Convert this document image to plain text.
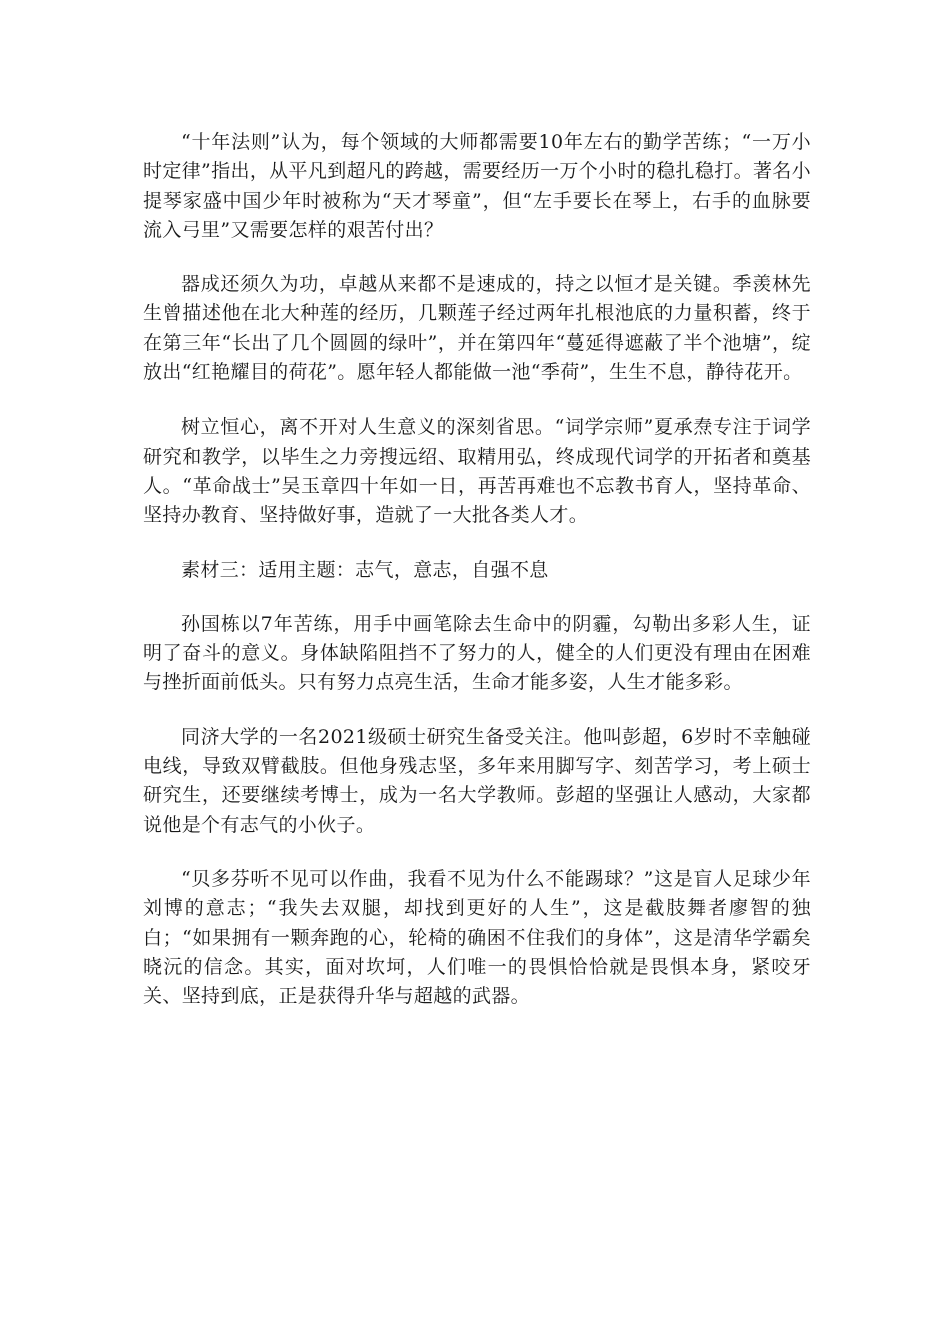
“十年法则”认为，每个领域的大师都需要10年左右的勤学苦练；“一万小时定律”指出，从平凡到超凡的跨越，需要经历一万个小时的稳扎稳打。著名小提琴家盛中国少年时被称为“天才琴童”，但“左手要长在琴上，右手的血脉要流入弓里”又需要怎样的艰苦付出？

器成还须久为功，卓越从来都不是速成的，持之以恒才是关键。季羡林先生曾描述他在北大种莲的经历，几颗莲子经过两年扎根池底的力量积蓄，终于在第三年“长出了几个圆圆的绿叶”，并在第四年“蔓延得遮蔽了半个池塘”，绽放出“红艳耀目的荷花”。愿年轻人都能做一池“季荷”，生生不息，静待花开。

树立恒心，离不开对人生意义的深刻省思。“词学宗师”夏承焘专注于词学研究和教学，以毕生之力旁搜远绍、取精用弘，终成现代词学的开拓者和奠基人。“革命战士”吴玉章四十年如一日，再苦再难也不忘教书育人，坚持革命、坚持办教育、坚持做好事，造就了一大批各类人才。

素材三：适用主题：志气，意志，自强不息

孙国栋以7年苦练，用手中画笔除去生命中的阴霾，勾勒出多彩人生，证明了奋斗的意义。身体缺陷阻挡不了努力的人，健全的人们更没有理由在困难与挫折面前低头。只有努力点亮生活，生命才能多姿，人生才能多彩。

同济大学的一名2021级硕士研究生备受关注。他叫彭超，6岁时不幸触碰电线，导致双臂截肢。但他身残志坚，多年来用脚写字、刻苦学习，考上硕士研究生，还要继续考博士，成为一名大学教师。彭超的坚强让人感动，大家都说他是个有志气的小伙子。

“贝多芬听不见可以作曲，我看不见为什么不能踢球？”这是盲人足球少年刘博的意志；“我失去双腿，却找到更好的人生”，这是截肢舞者廖智的独白；“如果拥有一颗奔跑的心，轮椅的确困不住我们的身体”，这是清华学霸矣晓沅的信念。其实，面对坎坷，人们唯一的畏惧恰恰就是畏惧本身，紧咬牙关、坚持到底，正是获得升华与超越的武器。
